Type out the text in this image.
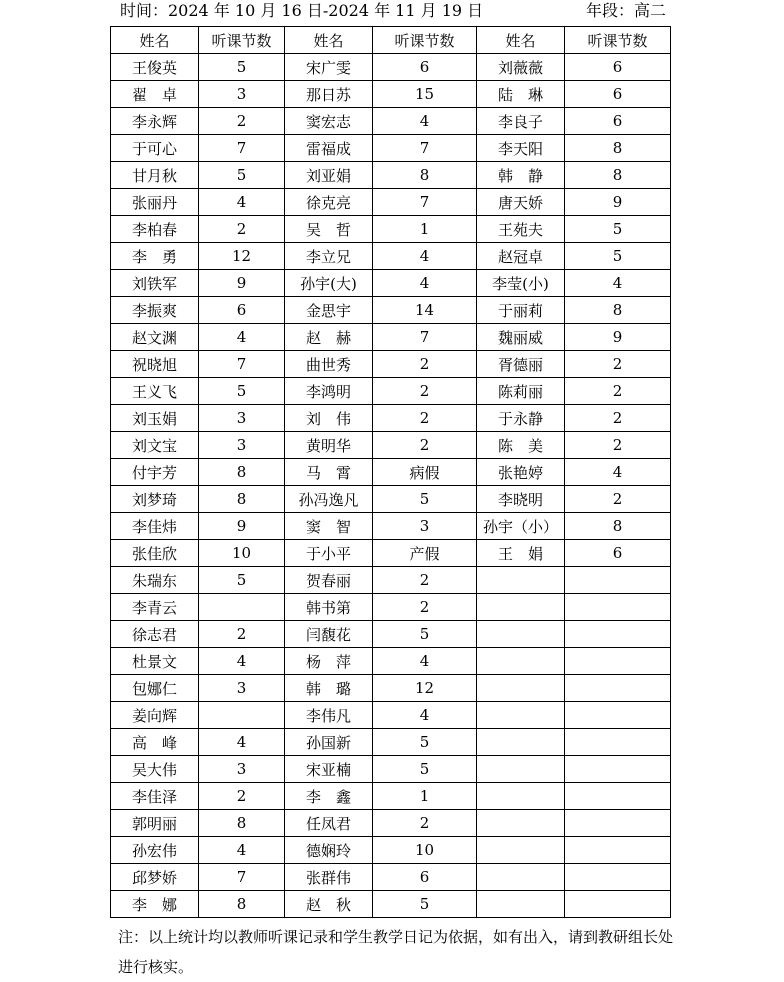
时间：2024 年 10 月 16 日-2024 年 11 月 19 日	年段：高二
姓名	听课节数	姓名	听课节数	姓名	听课节数
王俊英	5	宋广雯	6	刘薇薇	6
翟　卓	3	那日苏	15	陆　琳	6
李永辉	2	窦宏志	4	李良子	6
于可心	7	雷福成	7	李天阳	8
甘月秋	5	刘亚娟	8	韩　静	8
张丽丹	4	徐克亮	7	唐天娇	9
李柏春	2	吴　哲	1	王苑夫	5
李　勇	12	李立兄	4	赵冠卓	5
刘铁军	9	孙宇(大)	4	李莹(小)	4
李振爽	6	金思宇	14	于丽莉	8
赵文渊	4	赵　赫	7	魏丽威	9
祝晓旭	7	曲世秀	2	胥德丽	2
王义飞	5	李鸿明	2	陈莉丽	2
刘玉娟	3	刘　伟	2	于永静	2
刘文宝	3	黄明华	2	陈　美	2
付宇芳	8	马　霄	病假	张艳婷	4
刘梦琦	8	孙冯逸凡	5	李晓明	2
李佳炜	9	窦　智	3	孙宇（小）	8
张佳欣	10	于小平	产假	王　娟	6
朱瑞东	5	贺春丽	2		
李青云		韩书第	2		
徐志君	2	闫馥花	5		
杜景文	4	杨　萍	4		
包娜仁	3	韩　璐	12		
姜向辉		李伟凡	4		
高　峰	4	孙国新	5		
吴大伟	3	宋亚楠	5		
李佳泽	2	李　鑫	1		
郭明丽	8	任凤君	2		
孙宏伟	4	德娴玲	10		
邱梦娇	7	张群伟	6		
李　娜	8	赵　秋	5		
注：以上统计均以教师听课记录和学生教学日记为依据，如有出入，请到教研组长处进行核实。
